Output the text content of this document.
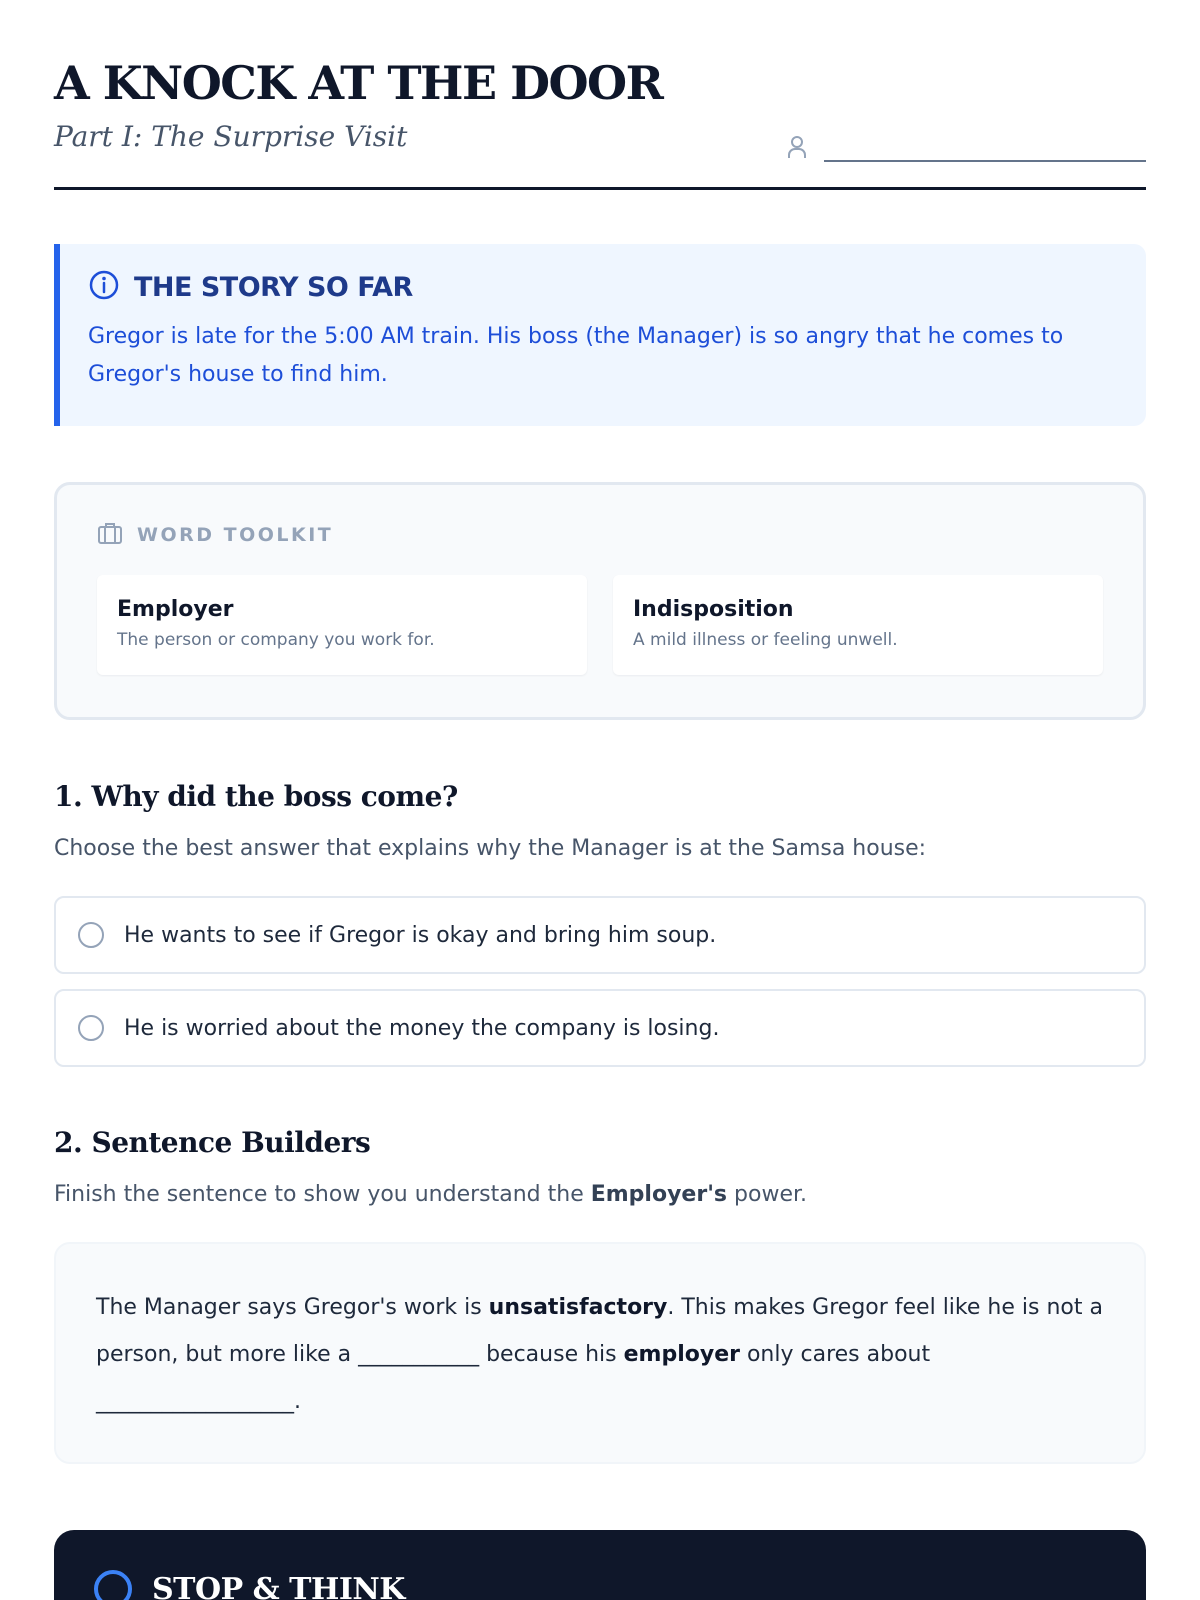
A KNOCK AT THE DOOR
Part I: The Surprise Visit
THE STORY SO FAR

Gregor is late for the 5:00 AM train. His boss (the Manager) is so angry that he comes to Gregor's house to find him.

WORD TOOLKIT
Employer
The person or company you work for.
Indisposition
A mild illness or feeling unwell.
1. Why did the boss come?
Choose the best answer that explains why the Manager is at the Samsa house:
He wants to see if Gregor is okay and bring him soup.
He is worried about the money the company is losing.
2. Sentence Builders
Finish the sentence to show you understand the Employer's power.

The Manager says Gregor's work is unsatisfactory. This makes Gregor feel like he is not a person, but more like a ___________ because his employer only cares about
__________________.

STOP & THINK
